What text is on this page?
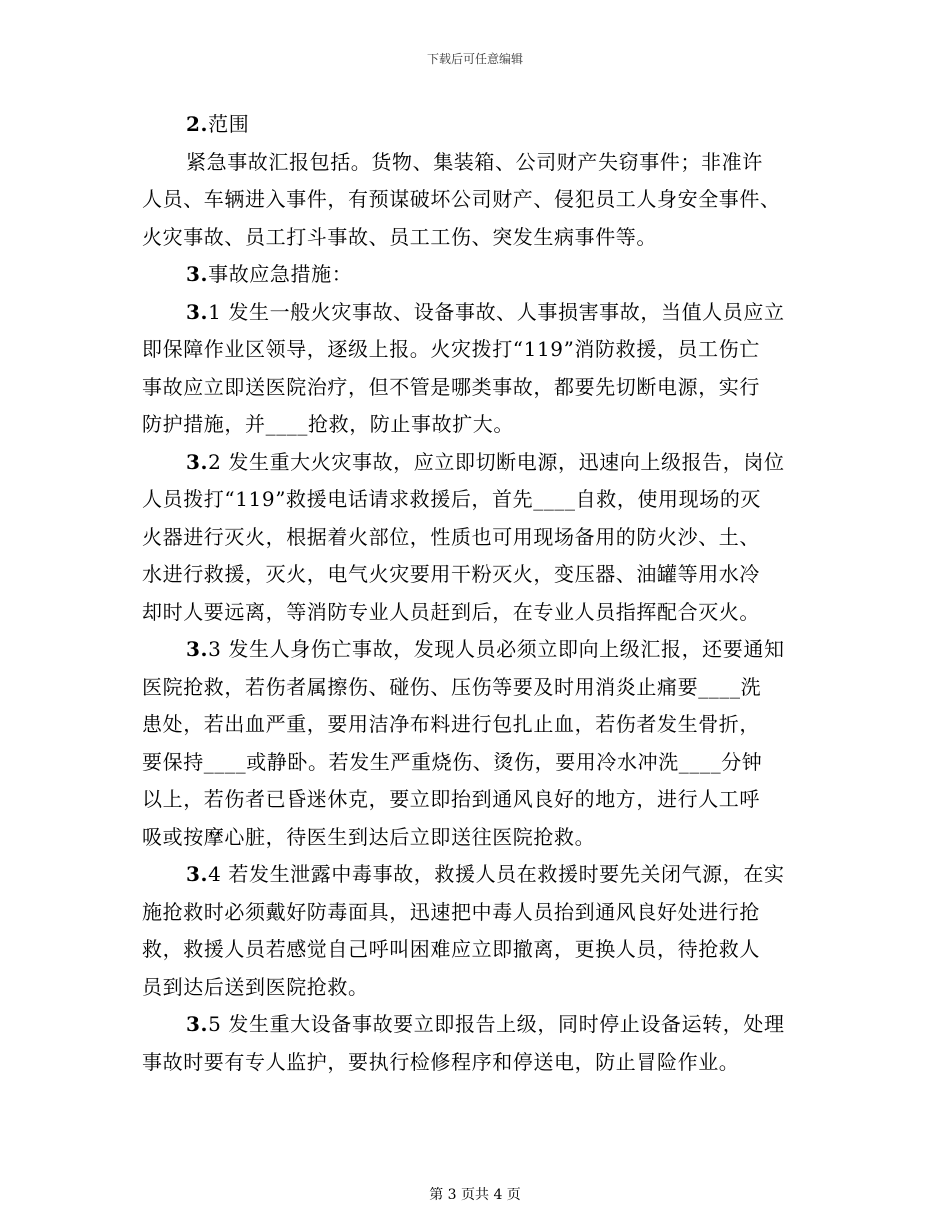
下载后可任意编辑
2.范围
紧急事故汇报包括。货物、集装箱、公司财产失窃事件；非准许
人员、车辆进入事件，有预谋破坏公司财产、侵犯员工人身安全事件、
火灾事故、员工打斗事故、员工工伤、突发生病事件等。
3.事故应急措施：
3.1 发生一般火灾事故、设备事故、人事损害事故，当值人员应立
即保障作业区领导，逐级上报。火灾拨打“119”消防救援，员工伤亡
事故应立即送医院治疗，但不管是哪类事故，都要先切断电源，实行
防护措施，并____抢救，防止事故扩大。
3.2 发生重大火灾事故，应立即切断电源，迅速向上级报告，岗位
人员拨打“119”救援电话请求救援后，首先____自救，使用现场的灭
火器进行灭火，根据着火部位，性质也可用现场备用的防火沙、土、
水进行救援，灭火，电气火灾要用干粉灭火，变压器、油罐等用水冷
却时人要远离，等消防专业人员赶到后，在专业人员指挥配合灭火。
3.3 发生人身伤亡事故，发现人员必须立即向上级汇报，还要通知
医院抢救，若伤者属擦伤、碰伤、压伤等要及时用消炎止痛要____洗
患处，若出血严重，要用洁净布料进行包扎止血，若伤者发生骨折，
要保持____或静卧。若发生严重烧伤、烫伤，要用冷水冲洗____分钟
以上，若伤者已昏迷休克，要立即抬到通风良好的地方，进行人工呼
吸或按摩心脏，待医生到达后立即送往医院抢救。
3.4 若发生泄露中毒事故，救援人员在救援时要先关闭气源，在实
施抢救时必须戴好防毒面具，迅速把中毒人员抬到通风良好处进行抢
救，救援人员若感觉自己呼叫困难应立即撤离，更换人员，待抢救人
员到达后送到医院抢救。
3.5 发生重大设备事故要立即报告上级，同时停止设备运转，处理
事故时要有专人监护，要执行检修程序和停送电，防止冒险作业。
第 3 页共 4 页
